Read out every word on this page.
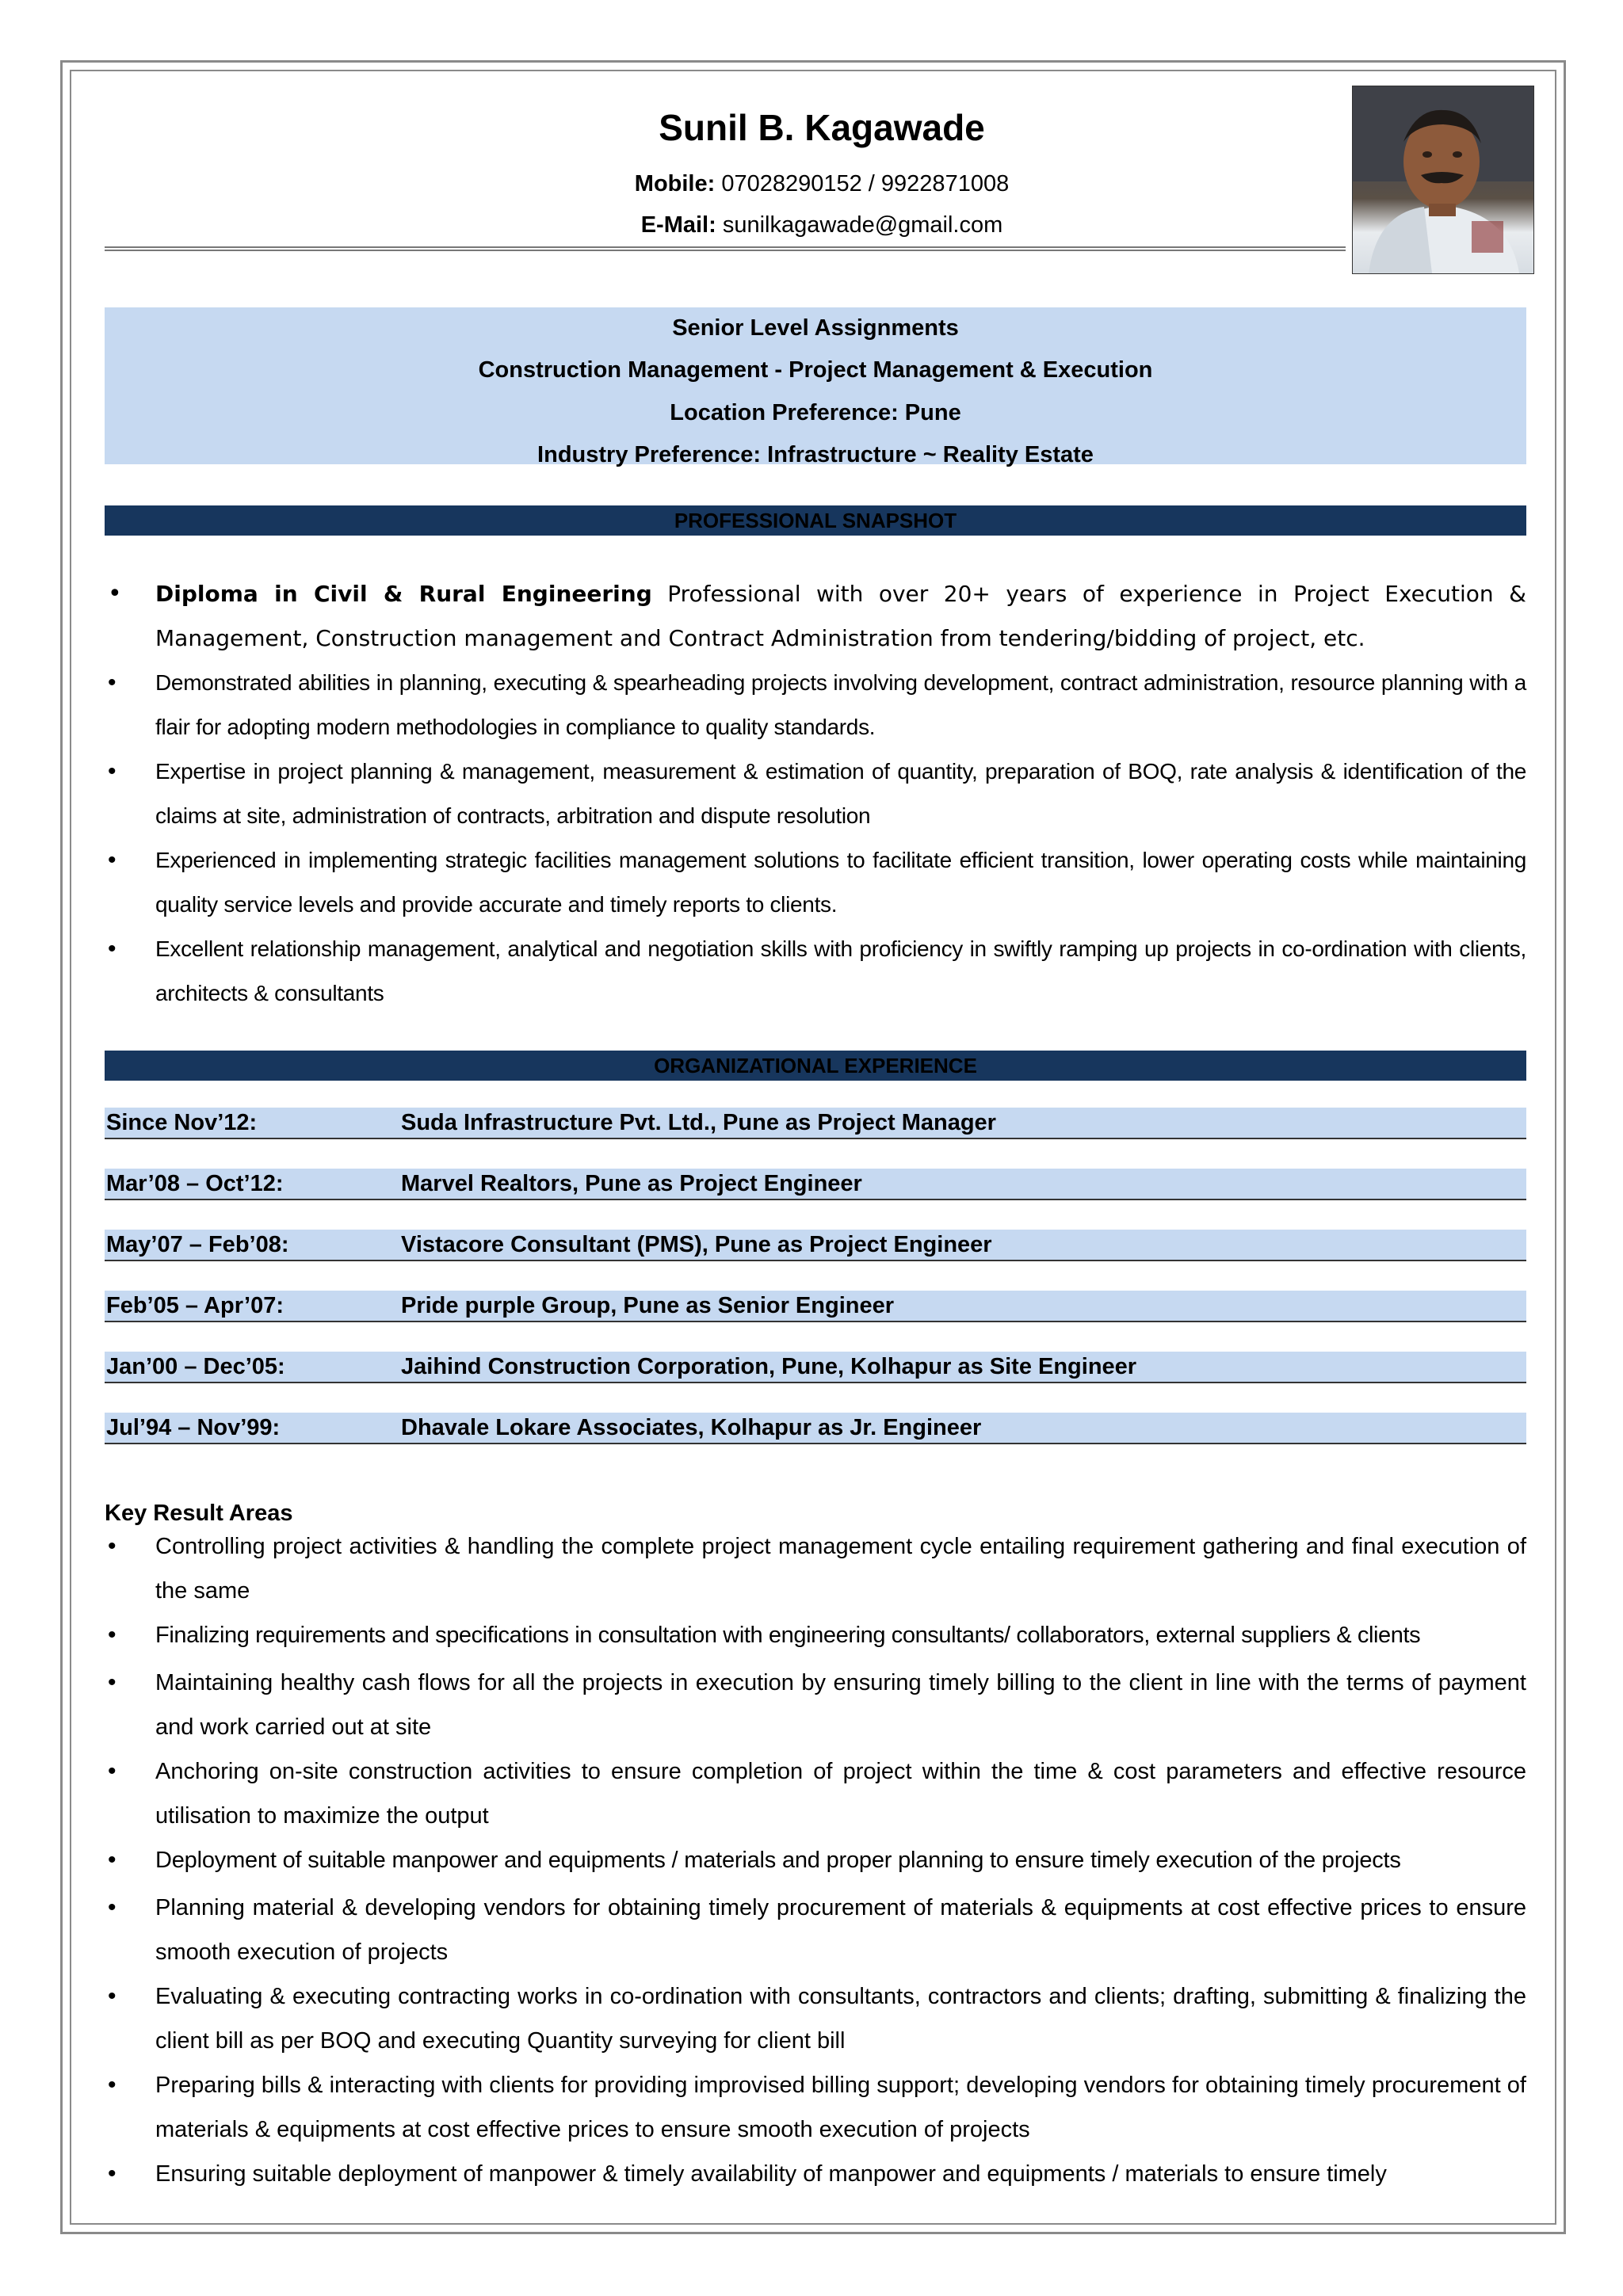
Sunil B. Kagawade
Mobile: 07028290152 / 9922871008
E-Mail: sunilkagawade@gmail.com
Senior Level Assignments
Construction Management - Project Management & Execution
Location Preference: Pune
Industry Preference: Infrastructure ~ Reality Estate
PROFESSIONAL SNAPSHOT
• Diploma in Civil & Rural Engineering Professional with over 20+ years of experience in Project Execution & Management, Construction management and Contract Administration from tendering/bidding of project, etc.
• Demonstrated abilities in planning, executing & spearheading projects involving development, contract administration, resource planning with a flair for adopting modern methodologies in compliance to quality standards.
• Expertise in project planning & management, measurement & estimation of quantity, preparation of BOQ, rate analysis & identification of the claims at site, administration of contracts, arbitration and dispute resolution
• Experienced in implementing strategic facilities management solutions to facilitate efficient transition, lower operating costs while maintaining quality service levels and provide accurate and timely reports to clients.
• Excellent relationship management, analytical and negotiation skills with proficiency in swiftly ramping up projects in co-ordination with clients, architects & consultants
ORGANIZATIONAL EXPERIENCE
Since Nov’12:	Suda Infrastructure Pvt. Ltd., Pune as Project Manager
Mar’08 – Oct’12:	Marvel Realtors, Pune as Project Engineer
May’07 – Feb’08:	Vistacore Consultant (PMS), Pune as Project Engineer
Feb’05 – Apr’07:	Pride purple Group, Pune as Senior Engineer
Jan’00 – Dec’05:	Jaihind Construction Corporation, Pune, Kolhapur as Site Engineer
Jul’94 – Nov’99:	Dhavale Lokare Associates, Kolhapur as Jr. Engineer
Key Result Areas
• Controlling project activities & handling the complete project management cycle entailing requirement gathering and final execution of the same
• Finalizing requirements and specifications in consultation with engineering consultants/ collaborators, external suppliers & clients
• Maintaining healthy cash flows for all the projects in execution by ensuring timely billing to the client in line with the terms of payment and work carried out at site
• Anchoring on-site construction activities to ensure completion of project within the time & cost parameters and effective resource utilisation to maximize the output
• Deployment of suitable manpower and equipments / materials and proper planning to ensure timely execution of the projects
• Planning material & developing vendors for obtaining timely procurement of materials & equipments at cost effective prices to ensure smooth execution of projects
• Evaluating & executing contracting works in co-ordination with consultants, contractors and clients; drafting, submitting & finalizing the client bill as per BOQ and executing Quantity surveying for client bill
• Preparing bills & interacting with clients for providing improvised billing support; developing vendors for obtaining timely procurement of materials & equipments at cost effective prices to ensure smooth execution of projects
• Ensuring suitable deployment of manpower & timely availability of manpower and equipments / materials to ensure timely
